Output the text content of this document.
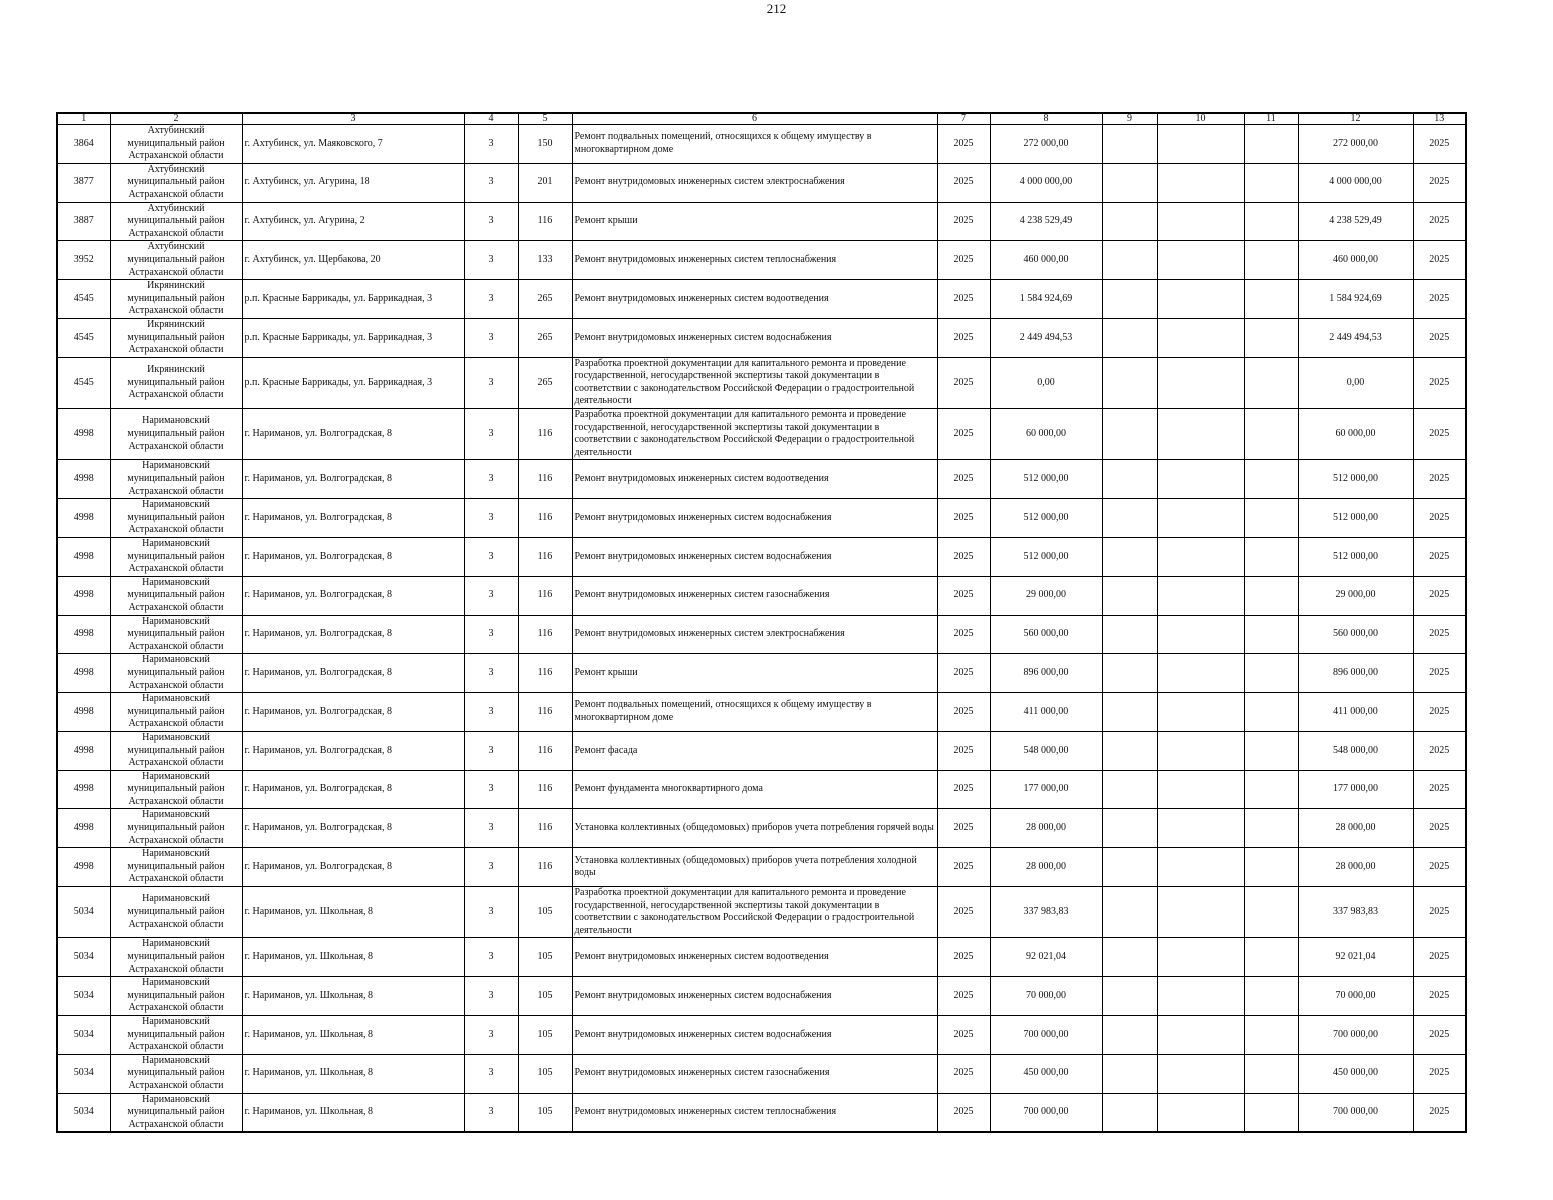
212
1	2	3	4	5	6	7	8	9	10	11	12	13
3864	Ахтубинский муниципальный район Астраханской области	г. Ахтубинск, ул. Маяковского, 7	3	150	Ремонт подвальных помещений, относящихся к общему имуществу в многоквартирном доме	2025	272 000,00				272 000,00	2025
3877	Ахтубинский муниципальный район Астраханской области	г. Ахтубинск, ул. Агурина, 18	3	201	Ремонт внутридомовых инженерных систем электроснабжения	2025	4 000 000,00				4 000 000,00	2025
3887	Ахтубинский муниципальный район Астраханской области	г. Ахтубинск, ул. Агурина, 2	3	116	Ремонт крыши	2025	4 238 529,49				4 238 529,49	2025
3952	Ахтубинский муниципальный район Астраханской области	г. Ахтубинск, ул. Щербакова, 20	3	133	Ремонт внутридомовых инженерных систем теплоснабжения	2025	460 000,00				460 000,00	2025
4545	Икрянинский муниципальный район Астраханской области	р.п. Красные Баррикады, ул. Баррикадная, 3	3	265	Ремонт внутридомовых инженерных систем водоотведения	2025	1 584 924,69				1 584 924,69	2025
4545	Икрянинский муниципальный район Астраханской области	р.п. Красные Баррикады, ул. Баррикадная, 3	3	265	Ремонт внутридомовых инженерных систем водоснабжения	2025	2 449 494,53				2 449 494,53	2025
4545	Икрянинский муниципальный район Астраханской области	р.п. Красные Баррикады, ул. Баррикадная, 3	3	265	Разработка проектной документации для капитального ремонта и проведение государственной, негосударственной экспертизы такой документации в соответствии с законодательством Российской Федерации о градостроительной деятельности	2025	0,00				0,00	2025
4998	Наримановский муниципальный район Астраханской области	г. Нариманов, ул. Волгоградская, 8	3	116	Разработка проектной документации для капитального ремонта и проведение государственной, негосударственной экспертизы такой документации в соответствии с законодательством Российской Федерации о градостроительной деятельности	2025	60 000,00				60 000,00	2025
4998	Наримановский муниципальный район Астраханской области	г. Нариманов, ул. Волгоградская, 8	3	116	Ремонт внутридомовых инженерных систем водоотведения	2025	512 000,00				512 000,00	2025
4998	Наримановский муниципальный район Астраханской области	г. Нариманов, ул. Волгоградская, 8	3	116	Ремонт внутридомовых инженерных систем водоснабжения	2025	512 000,00				512 000,00	2025
4998	Наримановский муниципальный район Астраханской области	г. Нариманов, ул. Волгоградская, 8	3	116	Ремонт внутридомовых инженерных систем водоснабжения	2025	512 000,00				512 000,00	2025
4998	Наримановский муниципальный район Астраханской области	г. Нариманов, ул. Волгоградская, 8	3	116	Ремонт внутридомовых инженерных систем газоснабжения	2025	29 000,00				29 000,00	2025
4998	Наримановский муниципальный район Астраханской области	г. Нариманов, ул. Волгоградская, 8	3	116	Ремонт внутридомовых инженерных систем электроснабжения	2025	560 000,00				560 000,00	2025
4998	Наримановский муниципальный район Астраханской области	г. Нариманов, ул. Волгоградская, 8	3	116	Ремонт крыши	2025	896 000,00				896 000,00	2025
4998	Наримановский муниципальный район Астраханской области	г. Нариманов, ул. Волгоградская, 8	3	116	Ремонт подвальных помещений, относящихся к общему имуществу в многоквартирном доме	2025	411 000,00				411 000,00	2025
4998	Наримановский муниципальный район Астраханской области	г. Нариманов, ул. Волгоградская, 8	3	116	Ремонт фасада	2025	548 000,00				548 000,00	2025
4998	Наримановский муниципальный район Астраханской области	г. Нариманов, ул. Волгоградская, 8	3	116	Ремонт фундамента многоквартирного дома	2025	177 000,00				177 000,00	2025
4998	Наримановский муниципальный район Астраханской области	г. Нариманов, ул. Волгоградская, 8	3	116	Установка коллективных (общедомовых) приборов учета потребления горячей воды	2025	28 000,00				28 000,00	2025
4998	Наримановский муниципальный район Астраханской области	г. Нариманов, ул. Волгоградская, 8	3	116	Установка коллективных (общедомовых) приборов учета потребления холодной воды	2025	28 000,00				28 000,00	2025
5034	Наримановский муниципальный район Астраханской области	г. Нариманов, ул. Школьная, 8	3	105	Разработка проектной документации для капитального ремонта и проведение государственной, негосударственной экспертизы такой документации в соответствии с законодательством Российской Федерации о градостроительной деятельности	2025	337 983,83				337 983,83	2025
5034	Наримановский муниципальный район Астраханской области	г. Нариманов, ул. Школьная, 8	3	105	Ремонт внутридомовых инженерных систем водоотведения	2025	92 021,04				92 021,04	2025
5034	Наримановский муниципальный район Астраханской области	г. Нариманов, ул. Школьная, 8	3	105	Ремонт внутридомовых инженерных систем водоснабжения	2025	70 000,00				70 000,00	2025
5034	Наримановский муниципальный район Астраханской области	г. Нариманов, ул. Школьная, 8	3	105	Ремонт внутридомовых инженерных систем водоснабжения	2025	700 000,00				700 000,00	2025
5034	Наримановский муниципальный район Астраханской области	г. Нариманов, ул. Школьная, 8	3	105	Ремонт внутридомовых инженерных систем газоснабжения	2025	450 000,00				450 000,00	2025
5034	Наримановский муниципальный район Астраханской области	г. Нариманов, ул. Школьная, 8	3	105	Ремонт внутридомовых инженерных систем теплоснабжения	2025	700 000,00				700 000,00	2025
